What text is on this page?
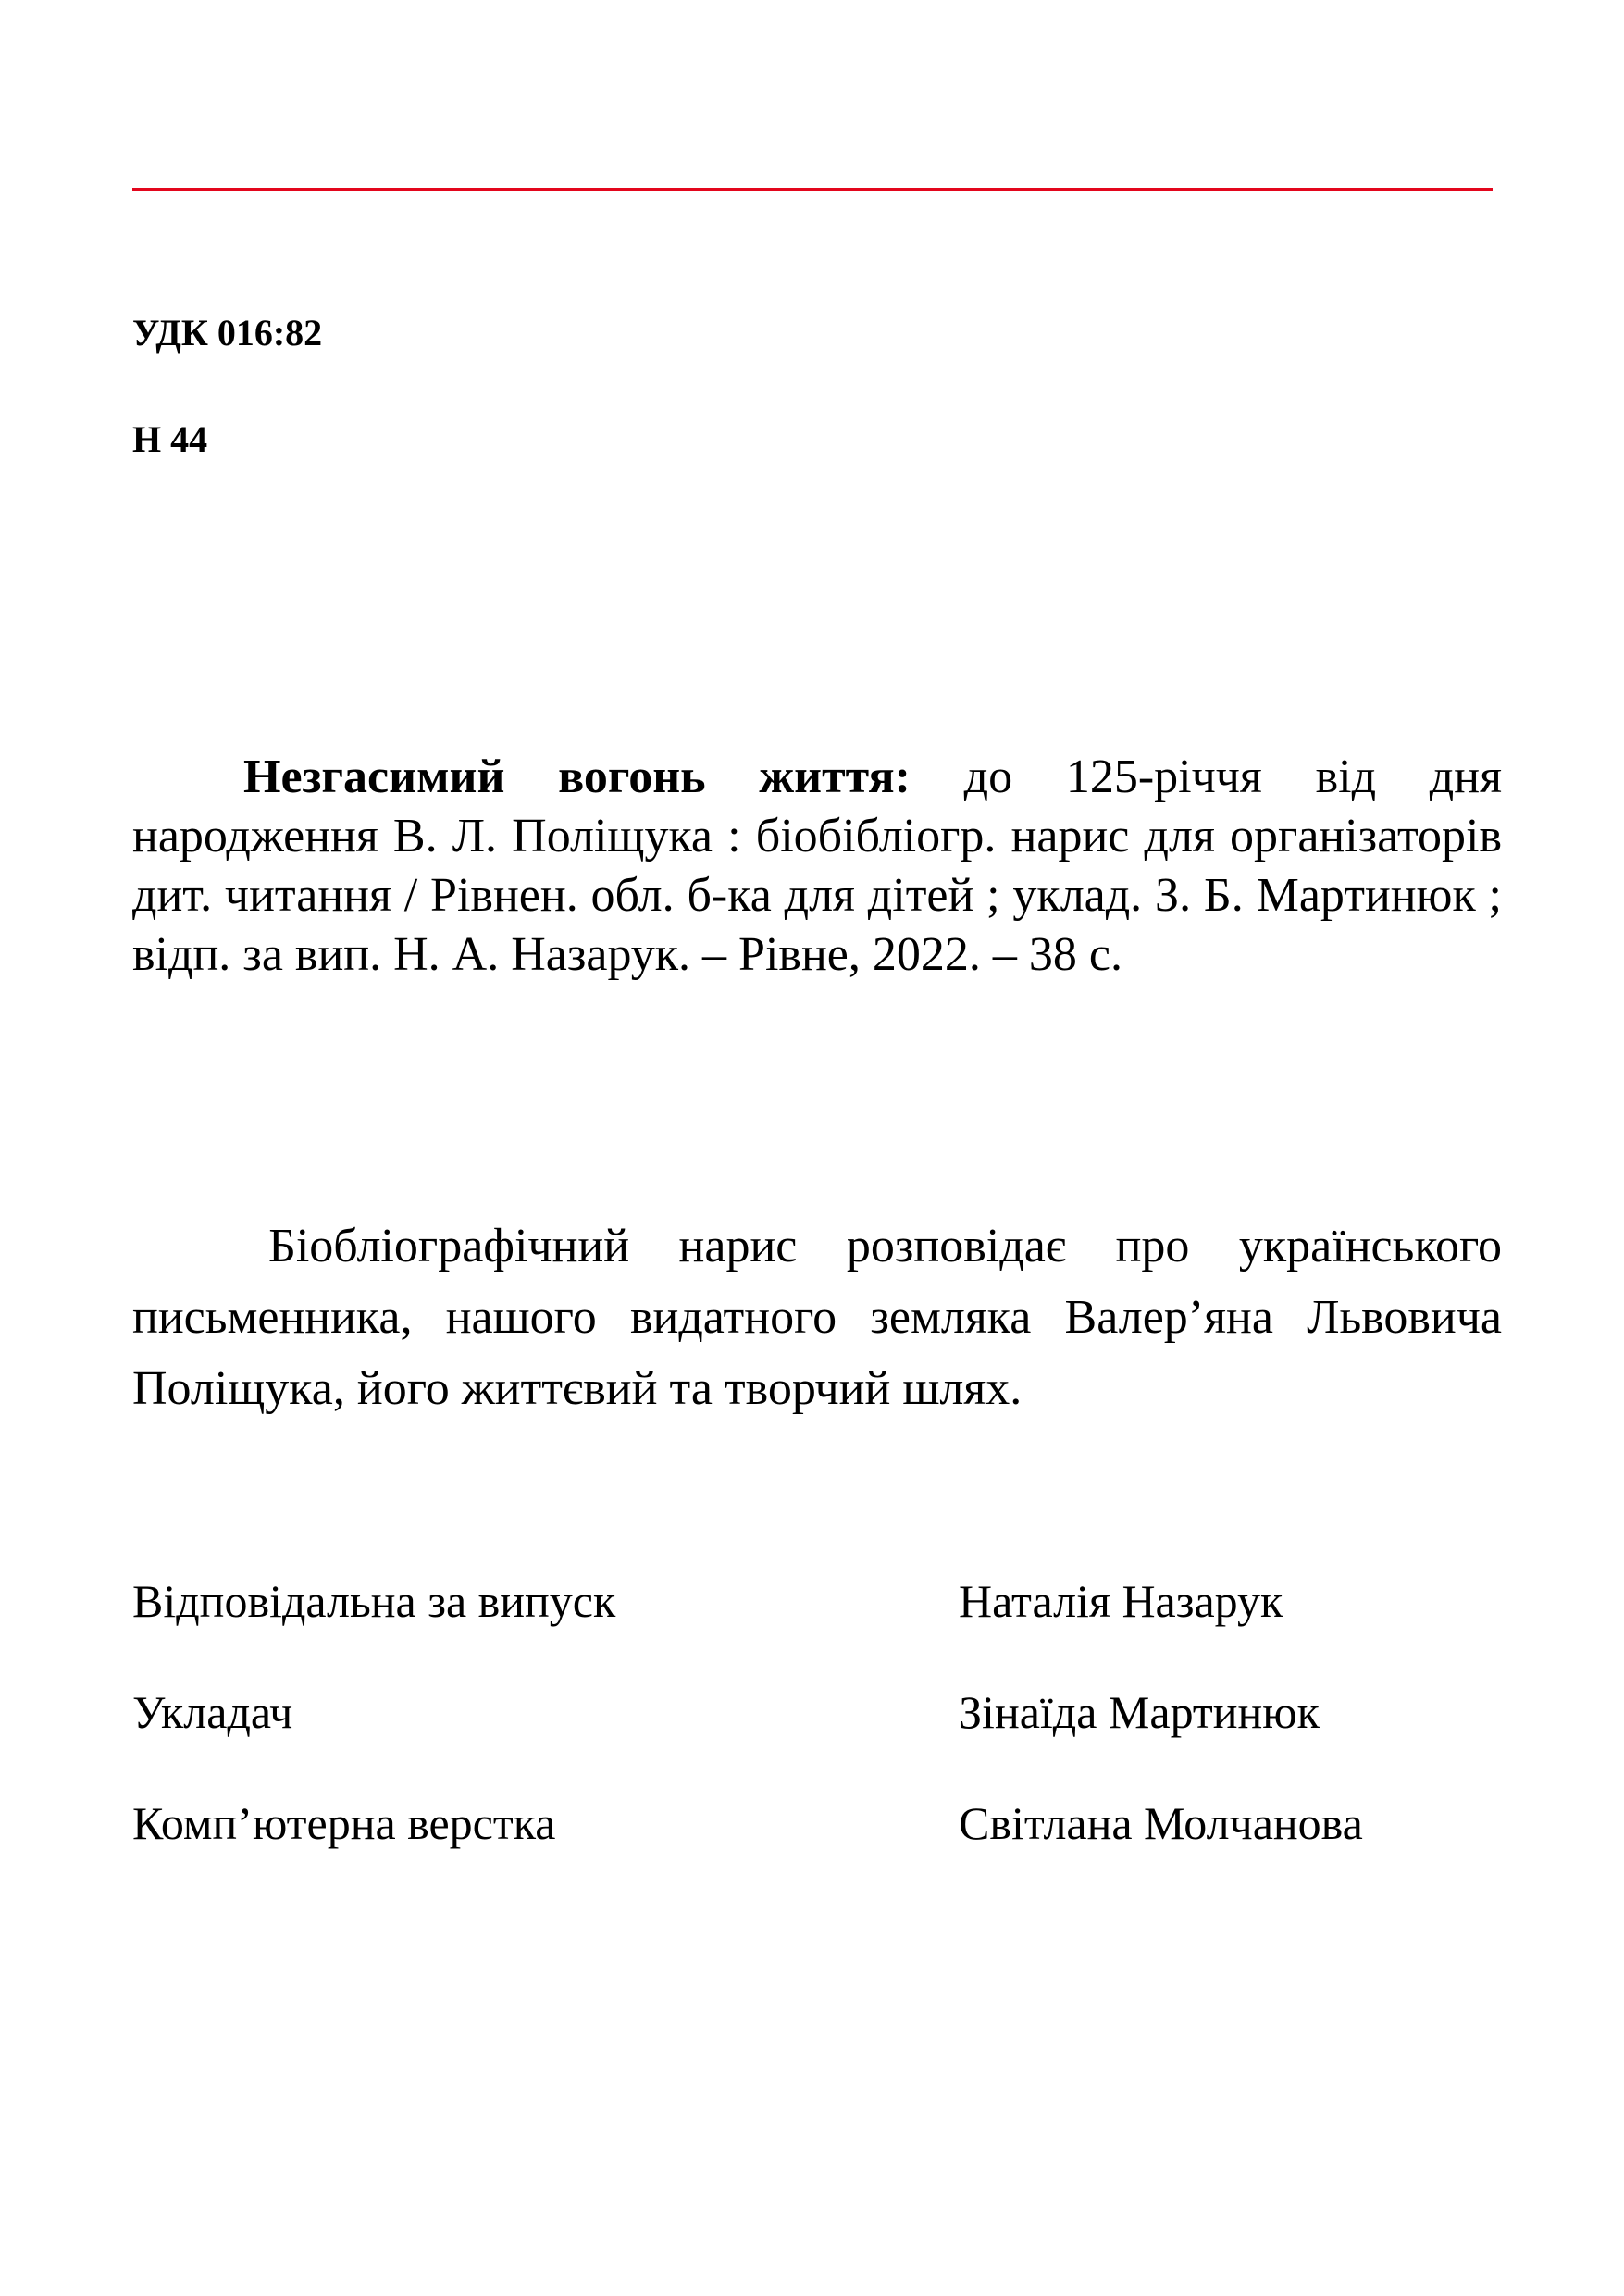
УДК 016:82
Н 44

Незгасимий вогонь життя: до 125-річчя від дня народження В. Л. Поліщука : біобібліогр. нарис для організаторів дит. читання / Рівнен. обл. б-ка для дітей ; уклад. З. Б. Мартинюк ; відп. за вип. Н. А. Назарук. – Рівне, 2022. – 38 с.

Біобліографічний нарис розповідає про українського письменника, нашого видатного земляка Валер’яна Львовича Поліщука, його життєвий та творчий шлях.

Відповідальна за випуск	Наталія Назарук
Укладач	Зінаїда Мартинюк
Комп’ютерна верстка	Світлана Молчанова
